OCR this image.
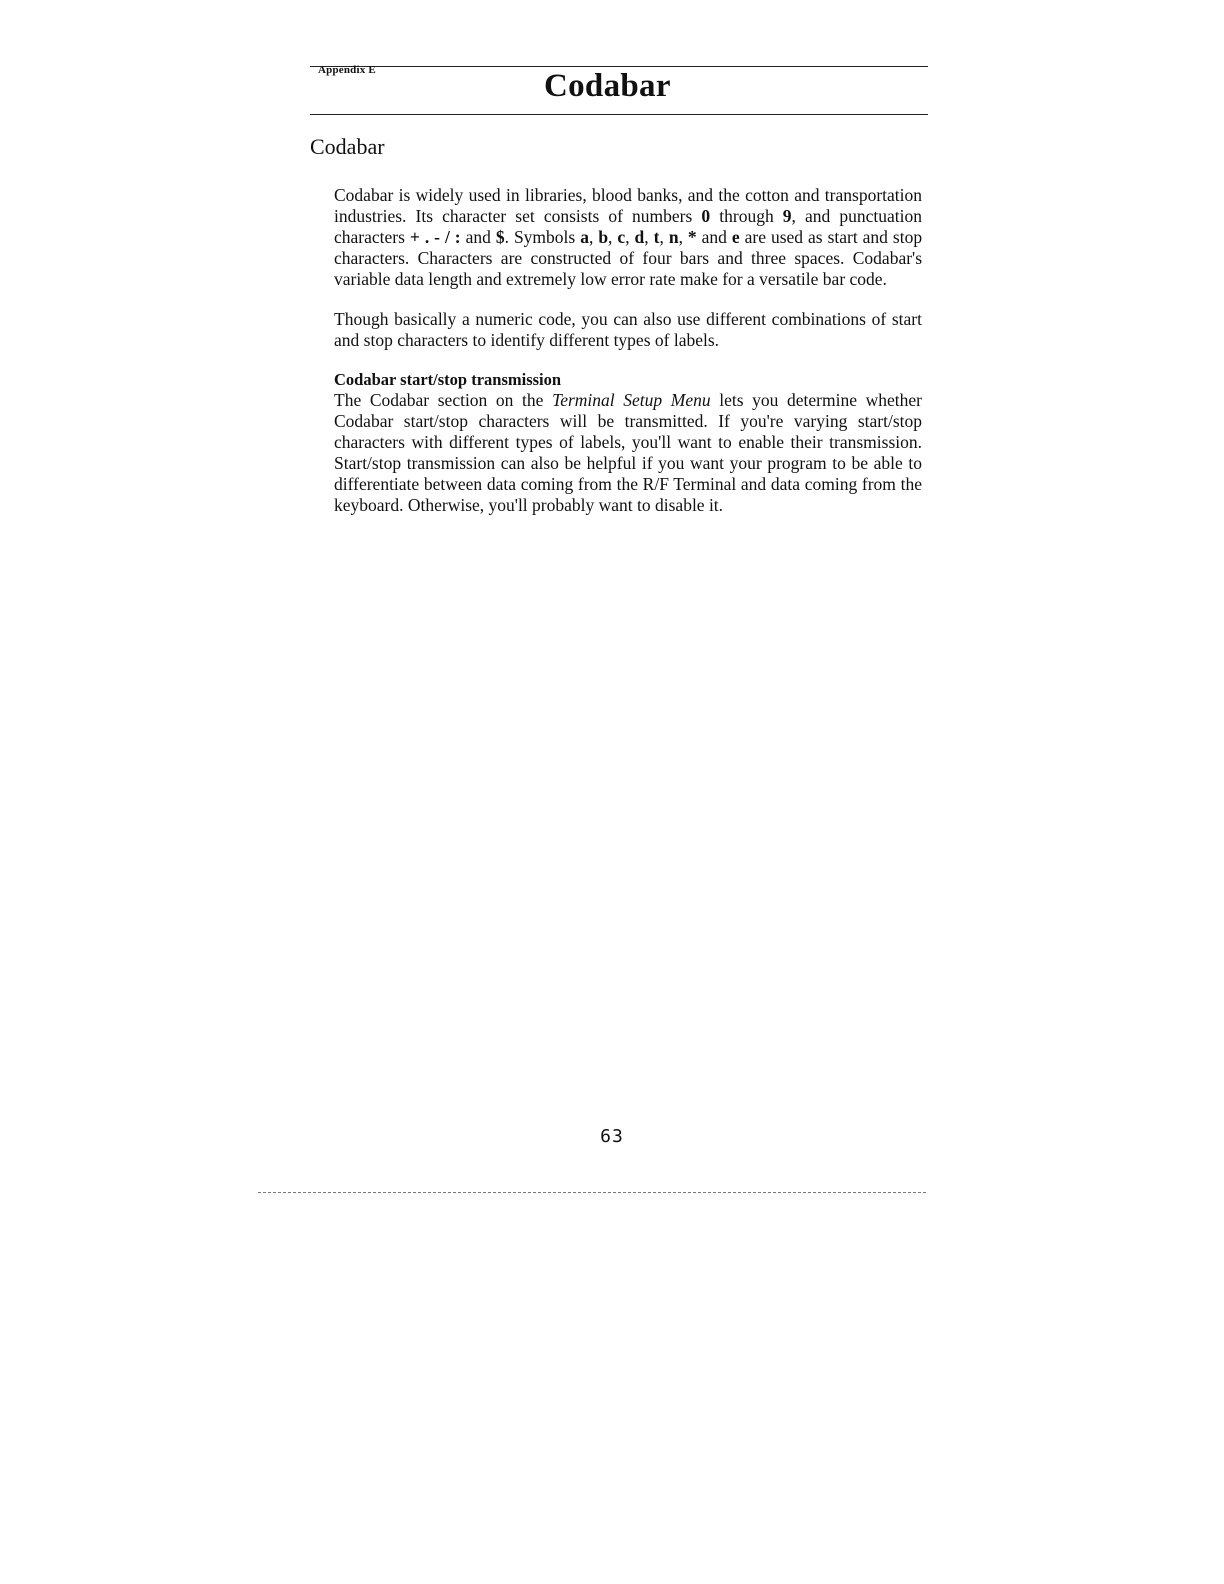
Appendix E	Codabar
Codabar

Codabar is widely used in libraries, blood banks, and the cotton and transportation industries. Its character set consists of numbers 0 through 9, and punctuation characters + . - / : and $. Symbols a, b, c, d, t, n, * and e are used as start and stop characters. Characters are constructed of four bars and three spaces. Codabar's variable data length and extremely low error rate make for a versatile bar code.

Though basically a numeric code, you can also use different combinations of start and stop characters to identify different types of labels.

Codabar start/stop transmission

The Codabar section on the Terminal Setup Menu lets you determine whether Codabar start/stop characters will be transmitted. If you're varying start/stop characters with different types of labels, you'll want to enable their transmission. Start/stop transmission can also be helpful if you want your program to be able to differentiate between data coming from the R/F Terminal and data coming from the keyboard. Otherwise, you'll probably want to disable it.

63
